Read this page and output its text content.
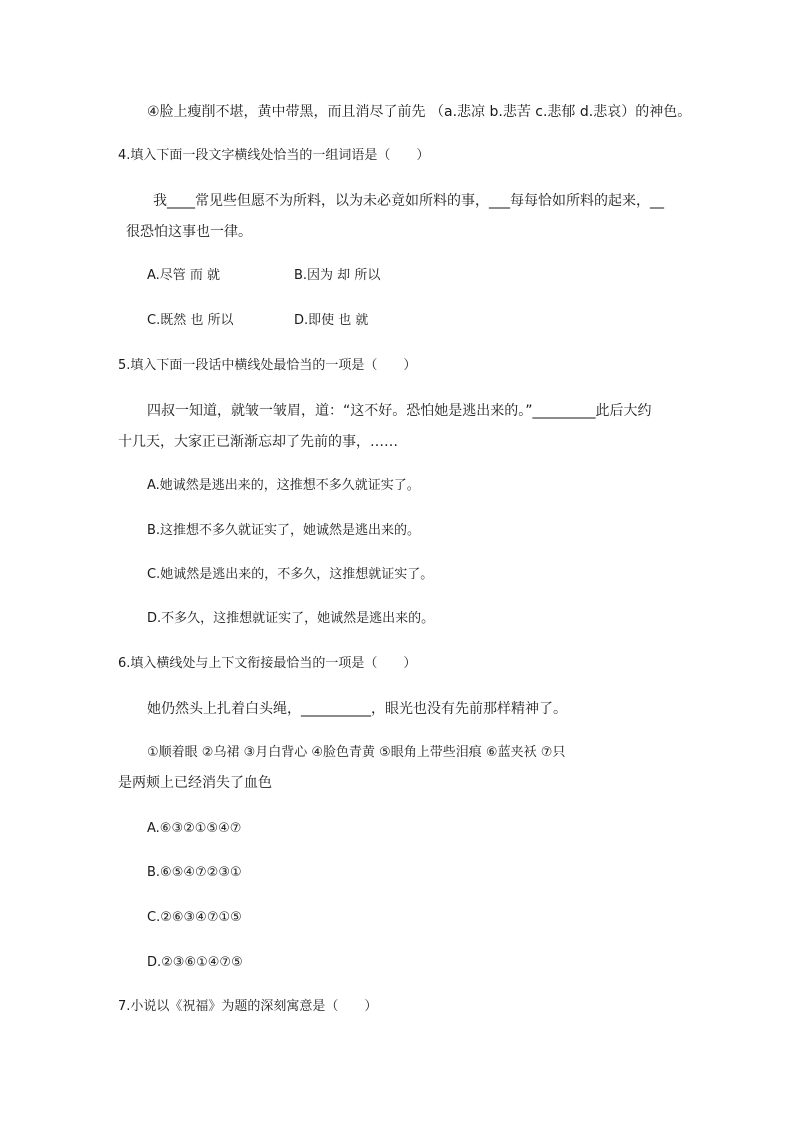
④脸上瘦削不堪，黄中带黑，而且消尽了前先 （a.悲凉 b.悲苦 c.悲郁 d.悲哀）的神色。
4.填入下面一段文字横线处恰当的一组词语是（　　）
我____常见些但愿不为所料，以为未必竟如所料的事，___每每恰如所料的起来，__
很恐怕这事也一律。
A.尽管 而 就	B.因为 却 所以
C.既然 也 所以	D.即使 也 就
5.填入下面一段话中横线处最恰当的一项是（　　）
四叔一知道，就皱一皱眉，道：“这不好。恐怕她是逃出来的。”_________此后大约
十几天，大家正已渐渐忘却了先前的事，……
A.她诚然是逃出来的，这推想不多久就证实了。
B.这推想不多久就证实了，她诚然是逃出来的。
C.她诚然是逃出来的，不多久，这推想就证实了。
D.不多久，这推想就证实了，她诚然是逃出来的。
6.填入横线处与上下文衔接最恰当的一项是（　　）
她仍然头上扎着白头绳，__________，眼光也没有先前那样精神了。
①顺着眼 ②乌裙 ③月白背心 ④脸色青黄 ⑤眼角上带些泪痕 ⑥蓝夹袄 ⑦只
是两颊上已经消失了血色
A.⑥③②①⑤④⑦
B.⑥⑤④⑦②③①
C.②⑥③④⑦①⑤
D.②③⑥①④⑦⑤
7.小说以《祝福》为题的深刻寓意是（　　）
